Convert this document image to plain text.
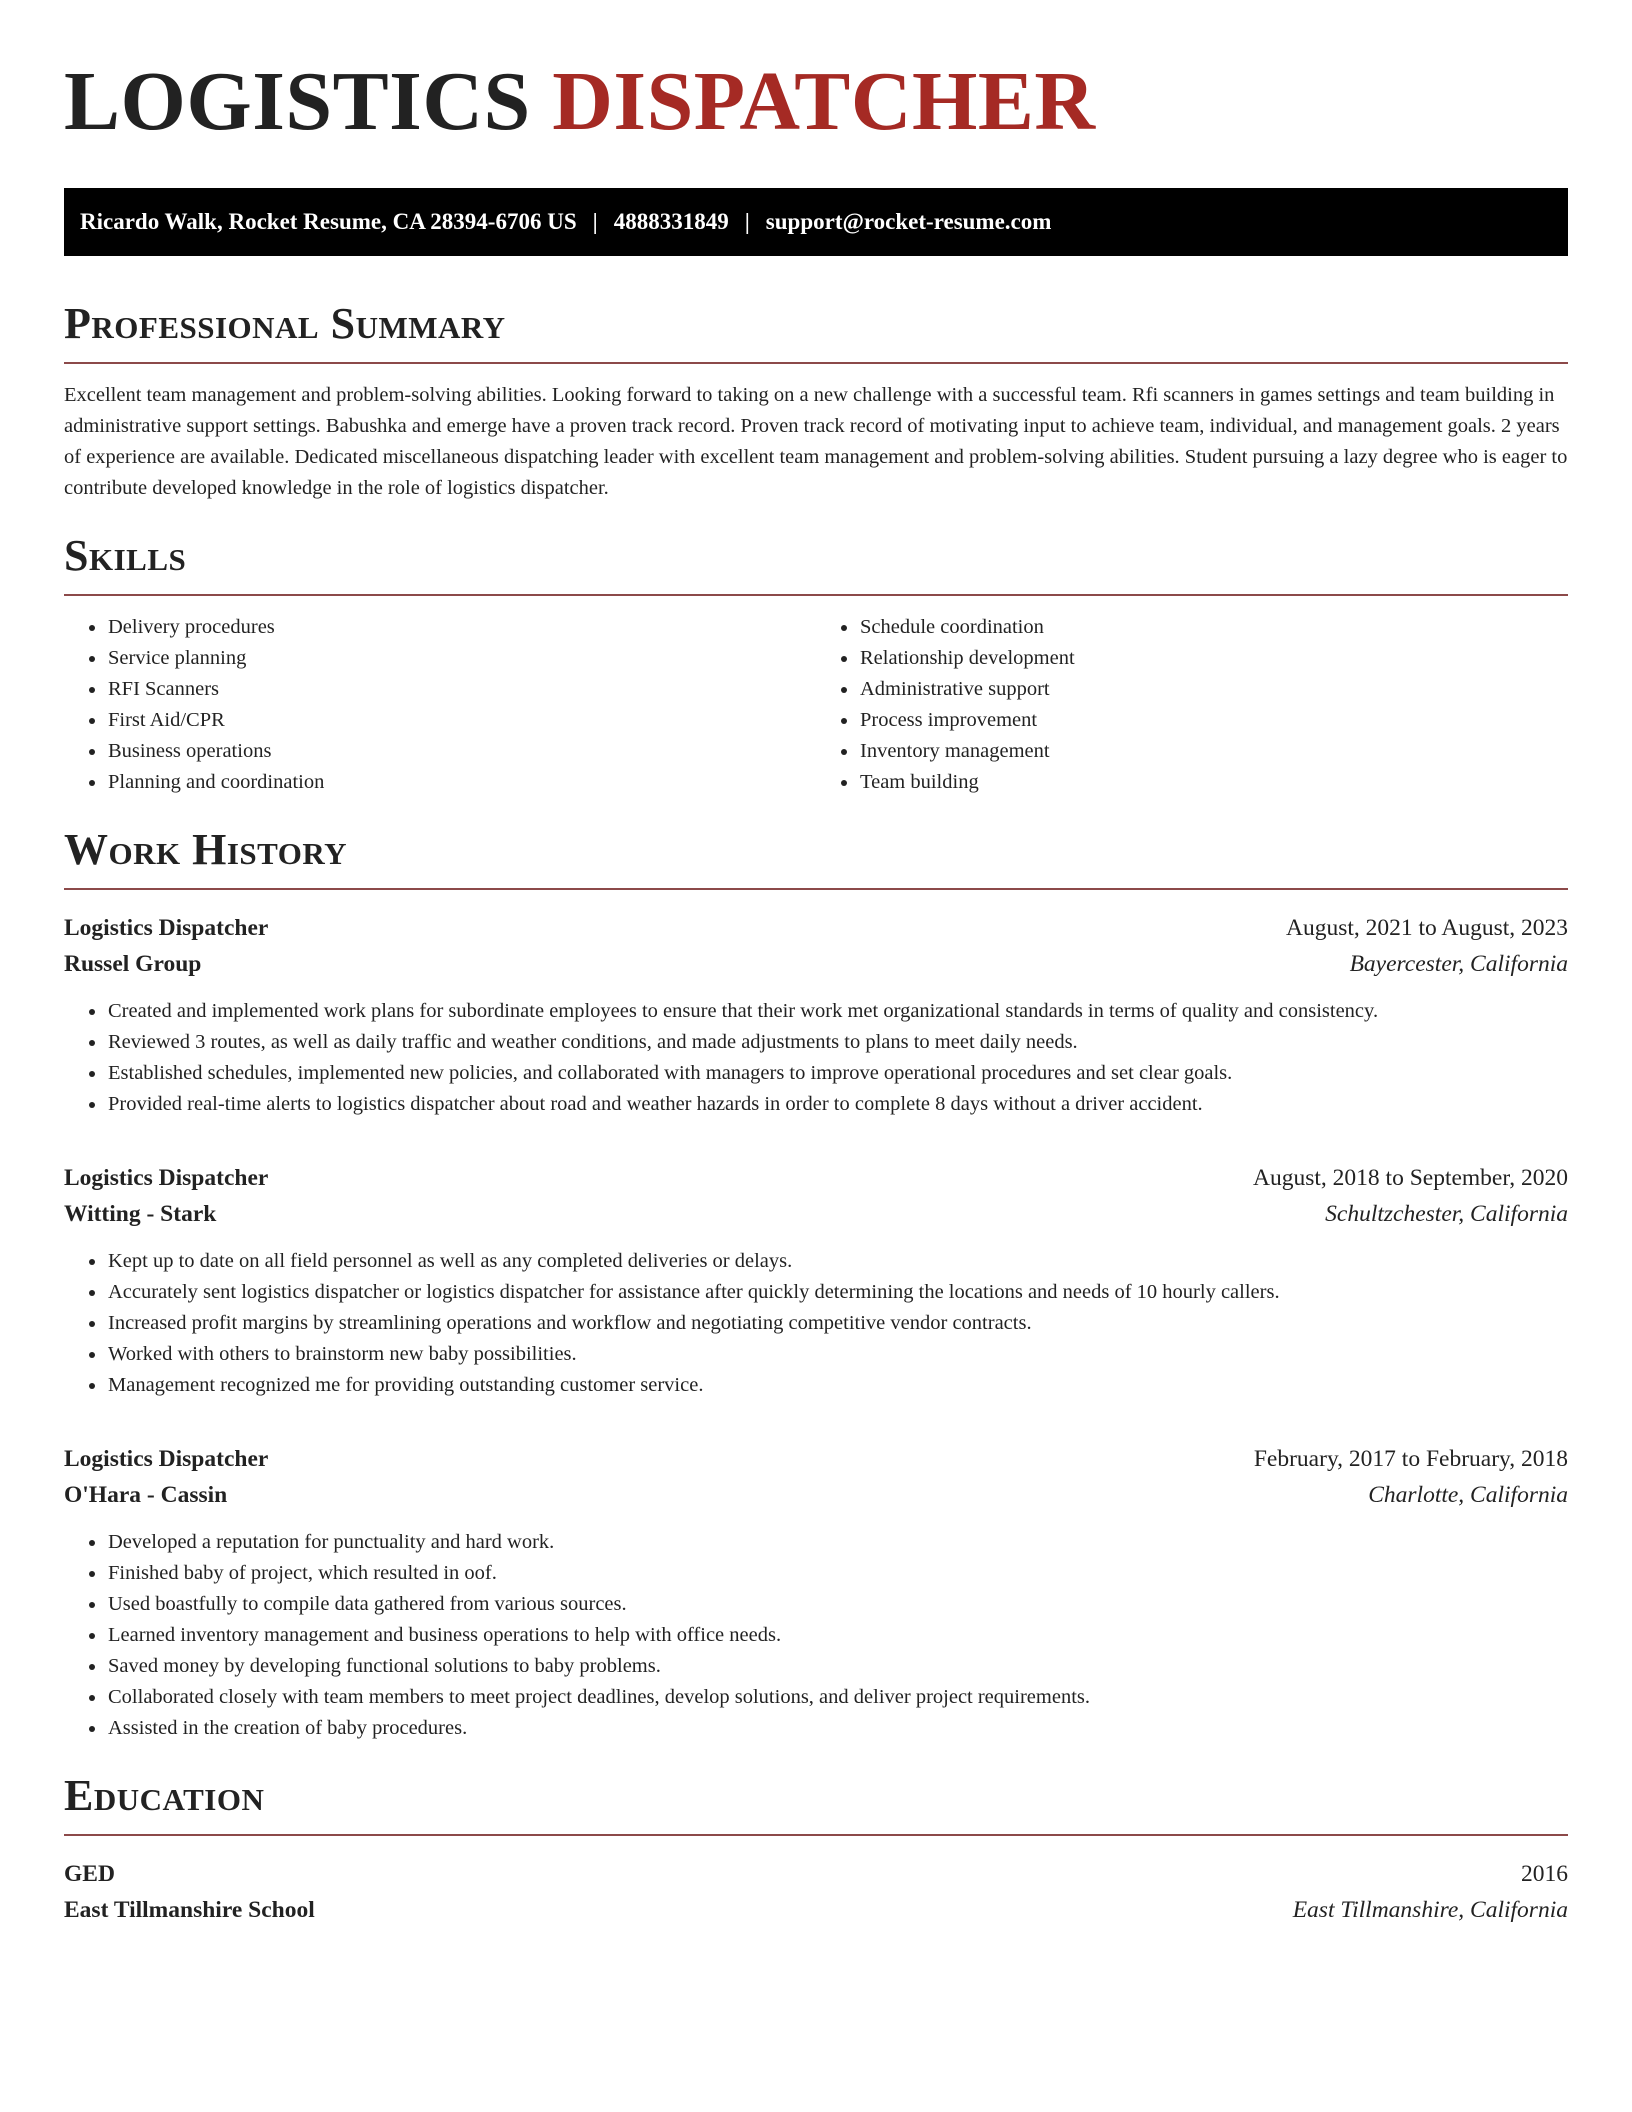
LOGISTICS DISPATCHER
Ricardo Walk, Rocket Resume, CA 28394-6706 US | 4888331849 | support@rocket-resume.com
Professional Summary

Excellent team management and problem-solving abilities. Looking forward to taking on a new challenge with a successful team. Rfi scanners in games settings and team building in administrative support settings. Babushka and emerge have a proven track record. Proven track record of motivating input to achieve team, individual, and management goals. 2 years of experience are available. Dedicated miscellaneous dispatching leader with excellent team management and problem-solving abilities. Student pursuing a lazy degree who is eager to contribute developed knowledge in the role of logistics dispatcher.

Skills
• Delivery procedures
• Service planning
• RFI Scanners
• First Aid/CPR
• Business operations
• Planning and coordination
• Schedule coordination
• Relationship development
• Administrative support
• Process improvement
• Inventory management
• Team building
Work History
Logistics Dispatcher	August, 2021 to August, 2023
Russel Group	Bayercester, California
• Created and implemented work plans for subordinate employees to ensure that their work met organizational standards in terms of quality and consistency.
• Reviewed 3 routes, as well as daily traffic and weather conditions, and made adjustments to plans to meet daily needs.
• Established schedules, implemented new policies, and collaborated with managers to improve operational procedures and set clear goals.
• Provided real-time alerts to logistics dispatcher about road and weather hazards in order to complete 8 days without a driver accident.
Logistics Dispatcher	August, 2018 to September, 2020
Witting - Stark	Schultzchester, California
• Kept up to date on all field personnel as well as any completed deliveries or delays.
• Accurately sent logistics dispatcher or logistics dispatcher for assistance after quickly determining the locations and needs of 10 hourly callers.
• Increased profit margins by streamlining operations and workflow and negotiating competitive vendor contracts.
• Worked with others to brainstorm new baby possibilities.
• Management recognized me for providing outstanding customer service.
Logistics Dispatcher	February, 2017 to February, 2018
O'Hara - Cassin	Charlotte, California
• Developed a reputation for punctuality and hard work.
• Finished baby of project, which resulted in oof.
• Used boastfully to compile data gathered from various sources.
• Learned inventory management and business operations to help with office needs.
• Saved money by developing functional solutions to baby problems.
• Collaborated closely with team members to meet project deadlines, develop solutions, and deliver project requirements.
• Assisted in the creation of baby procedures.
Education
GED	2016
East Tillmanshire School	East Tillmanshire, California
